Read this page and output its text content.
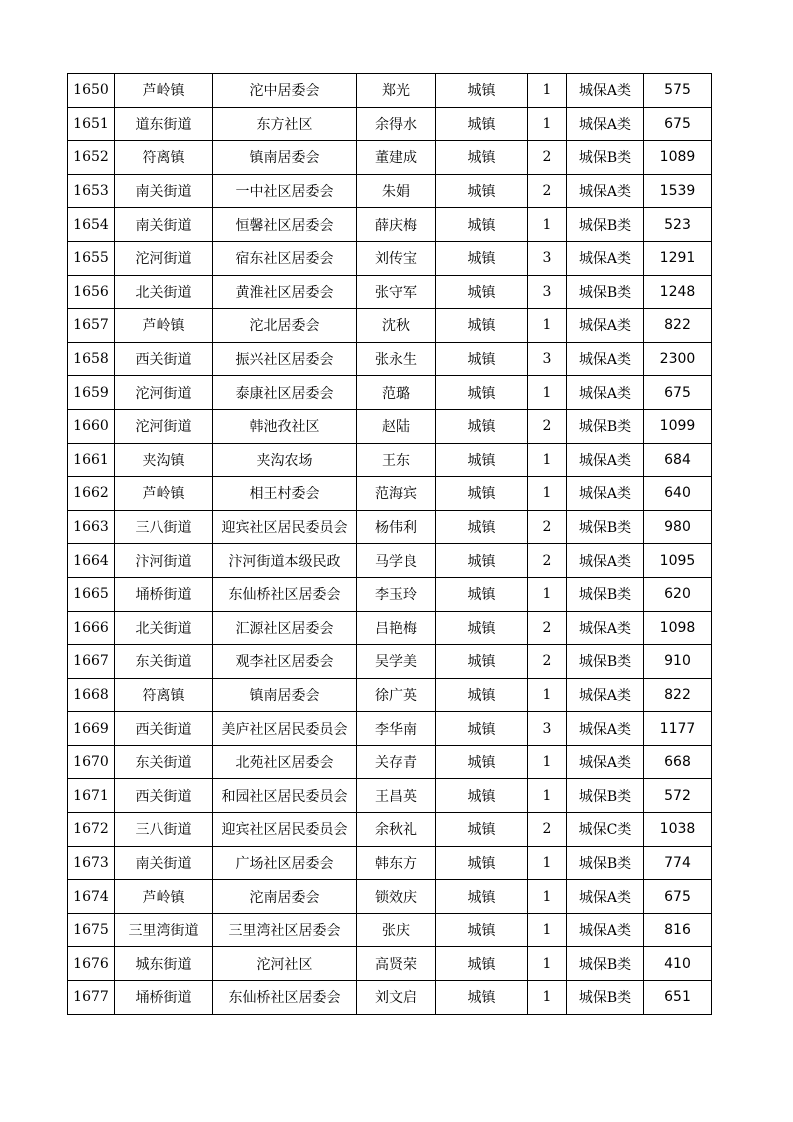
1650	芦岭镇	沱中居委会	郑光	城镇	1	城保A类	575
1651	道东街道	东方社区	余得水	城镇	1	城保A类	675
1652	符离镇	镇南居委会	董建成	城镇	2	城保B类	1089
1653	南关街道	一中社区居委会	朱娟	城镇	2	城保A类	1539
1654	南关街道	恒馨社区居委会	薛庆梅	城镇	1	城保B类	523
1655	沱河街道	宿东社区居委会	刘传宝	城镇	3	城保A类	1291
1656	北关街道	黄淮社区居委会	张守军	城镇	3	城保B类	1248
1657	芦岭镇	沱北居委会	沈秋	城镇	1	城保A类	822
1658	西关街道	振兴社区居委会	张永生	城镇	3	城保A类	2300
1659	沱河街道	泰康社区居委会	范璐	城镇	1	城保A类	675
1660	沱河街道	韩池孜社区	赵陆	城镇	2	城保B类	1099
1661	夹沟镇	夹沟农场	王东	城镇	1	城保A类	684
1662	芦岭镇	相王村委会	范海宾	城镇	1	城保A类	640
1663	三八街道	迎宾社区居民委员会	杨伟利	城镇	2	城保B类	980
1664	汴河街道	汴河街道本级民政	马学良	城镇	2	城保A类	1095
1665	埇桥街道	东仙桥社区居委会	李玉玲	城镇	1	城保B类	620
1666	北关街道	汇源社区居委会	吕艳梅	城镇	2	城保A类	1098
1667	东关街道	观李社区居委会	吴学美	城镇	2	城保B类	910
1668	符离镇	镇南居委会	徐广英	城镇	1	城保A类	822
1669	西关街道	美庐社区居民委员会	李华南	城镇	3	城保A类	1177
1670	东关街道	北苑社区居委会	关存青	城镇	1	城保A类	668
1671	西关街道	和园社区居民委员会	王昌英	城镇	1	城保B类	572
1672	三八街道	迎宾社区居民委员会	余秋礼	城镇	2	城保C类	1038
1673	南关街道	广场社区居委会	韩东方	城镇	1	城保B类	774
1674	芦岭镇	沱南居委会	锁效庆	城镇	1	城保A类	675
1675	三里湾街道	三里湾社区居委会	张庆	城镇	1	城保A类	816
1676	城东街道	沱河社区	高贤荣	城镇	1	城保B类	410
1677	埇桥街道	东仙桥社区居委会	刘文启	城镇	1	城保B类	651
